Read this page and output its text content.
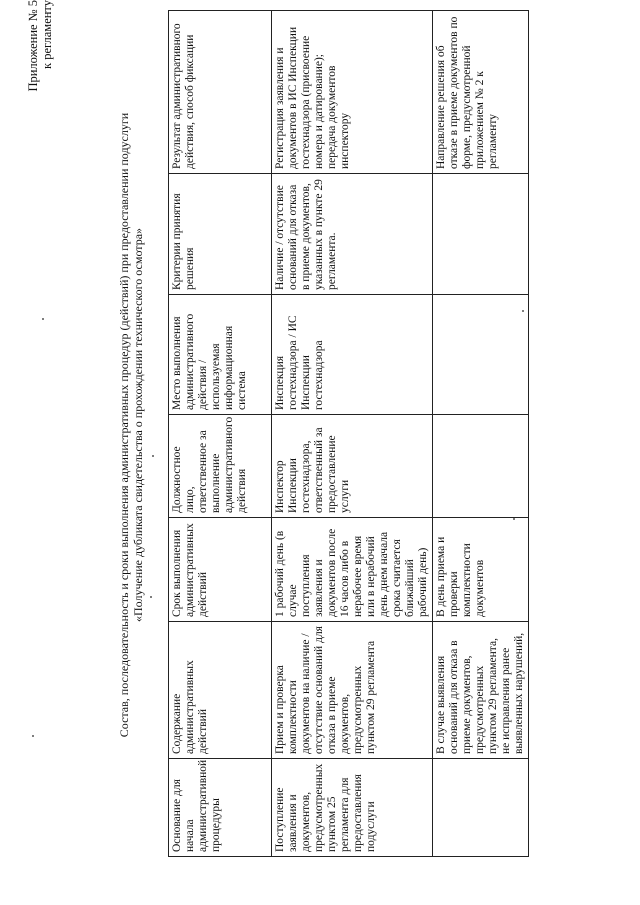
Приложение № 5 к регламенту
Состав, последовательность и сроки выполнения административных процедур (действий) при предоставлении подуслуги «Получение дубликата свидетельства о прохождении технического осмотра»
Основание для начала административной процедуры	Содержание административных действий	Срок выполнения административных действий	Должностное лицо, ответственное за выполнение административного действия	Место выполнения административного действия / используемая информационная система	Критерии принятия решения	Результат административного действия, способ фиксации
Поступление заявления и документов, предусмотренных пунктом 25 регламента для предоставления подуслуги	Прием и проверка комплектности документов на наличие / отсутствие оснований для отказа в приеме документов, предусмотренных пунктом 29 регламента	1 рабочий день (в случае поступления заявления и документов после 16 часов либо в нерабочее время или в нерабочий день днем начала срока считается ближайший рабочий день)	Инспектор Инспекции гостехнадзора, ответственный за предоставление услуги	Инспекция гостехнадзора / ИС Инспекции гостехнадзора	Наличие / отсутствие оснований для отказа в приеме документов, указанных в пункте 29 регламента.	Регистрация заявления и документов в ИС Инспекции гостехнадзора (присвоение номера и датирование); передача документов инспектору
	В случае выявления оснований для отказа в приеме документов, предусмотренных пунктом 29 регламента, не исправления ранее выявленных нарушений,	В день приема и проверки комплектности документов				Направление решения об отказе в приеме документов по форме, предусмотренной приложением № 2 к регламенту
